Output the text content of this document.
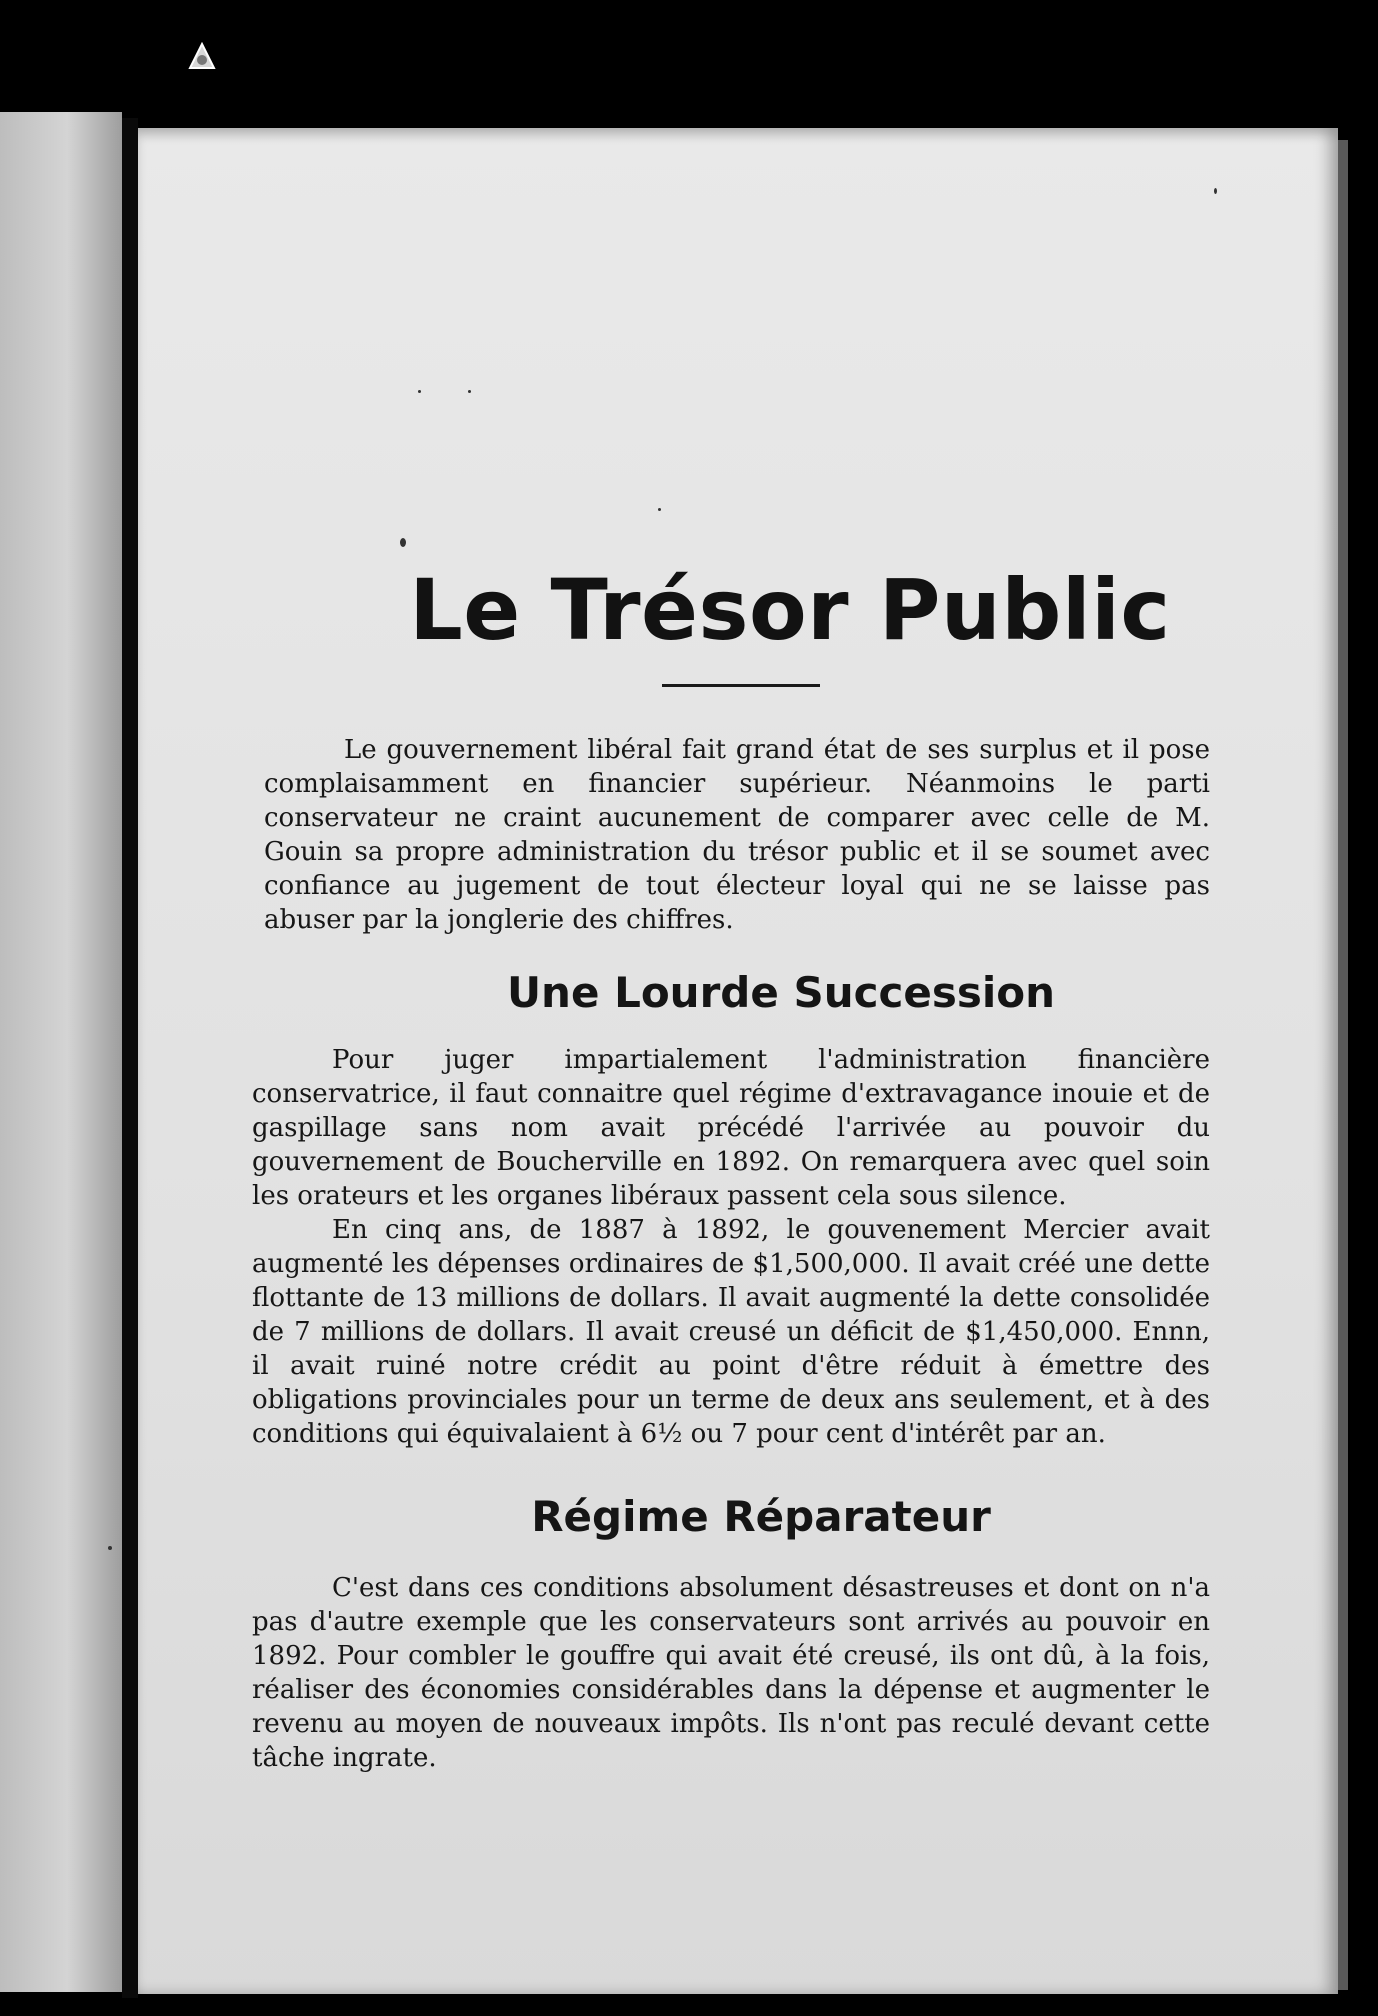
Le Trésor Public

Le gouvernement libéral fait grand état de ses surplus et il pose complaisamment en financier supérieur. Néanmoins le parti conservateur ne craint aucunement de comparer avec celle de M. Gouin sa propre administration du trésor public et il se soumet avec confiance au jugement de tout électeur loyal qui ne se laisse pas abuser par la jonglerie des chiffres.

Une Lourde Succession

Pour juger impartialement l'administration financière conservatrice, il faut connaitre quel régime d'extravagance inouie et de gaspillage sans nom avait précédé l'arrivée au pouvoir du gouvernement de Boucherville en 1892. On remarquera avec quel soin les orateurs et les organes libéraux passent cela sous silence.

En cinq ans, de 1887 à 1892, le gouvenement Mercier avait augmenté les dépenses ordinaires de $1,500,000. Il avait créé une dette flottante de 13 millions de dollars. Il avait augmenté la dette consolidée de 7 millions de dollars. Il avait creusé un déficit de $1,450,000. Ennn, il avait ruiné notre crédit au point d'être réduit à émettre des obligations provinciales pour un terme de deux ans seulement, et à des conditions qui équivalaient à 6½ ou 7 pour cent d'intérêt par an.

Régime Réparateur

C'est dans ces conditions absolument désastreuses et dont on n'a pas d'autre exemple que les conservateurs sont arrivés au pouvoir en 1892. Pour combler le gouffre qui avait été creusé, ils ont dû, à la fois, réaliser des économies considérables dans la dépense et augmenter le revenu au moyen de nouveaux impôts. Ils n'ont pas reculé devant cette tâche ingrate.
